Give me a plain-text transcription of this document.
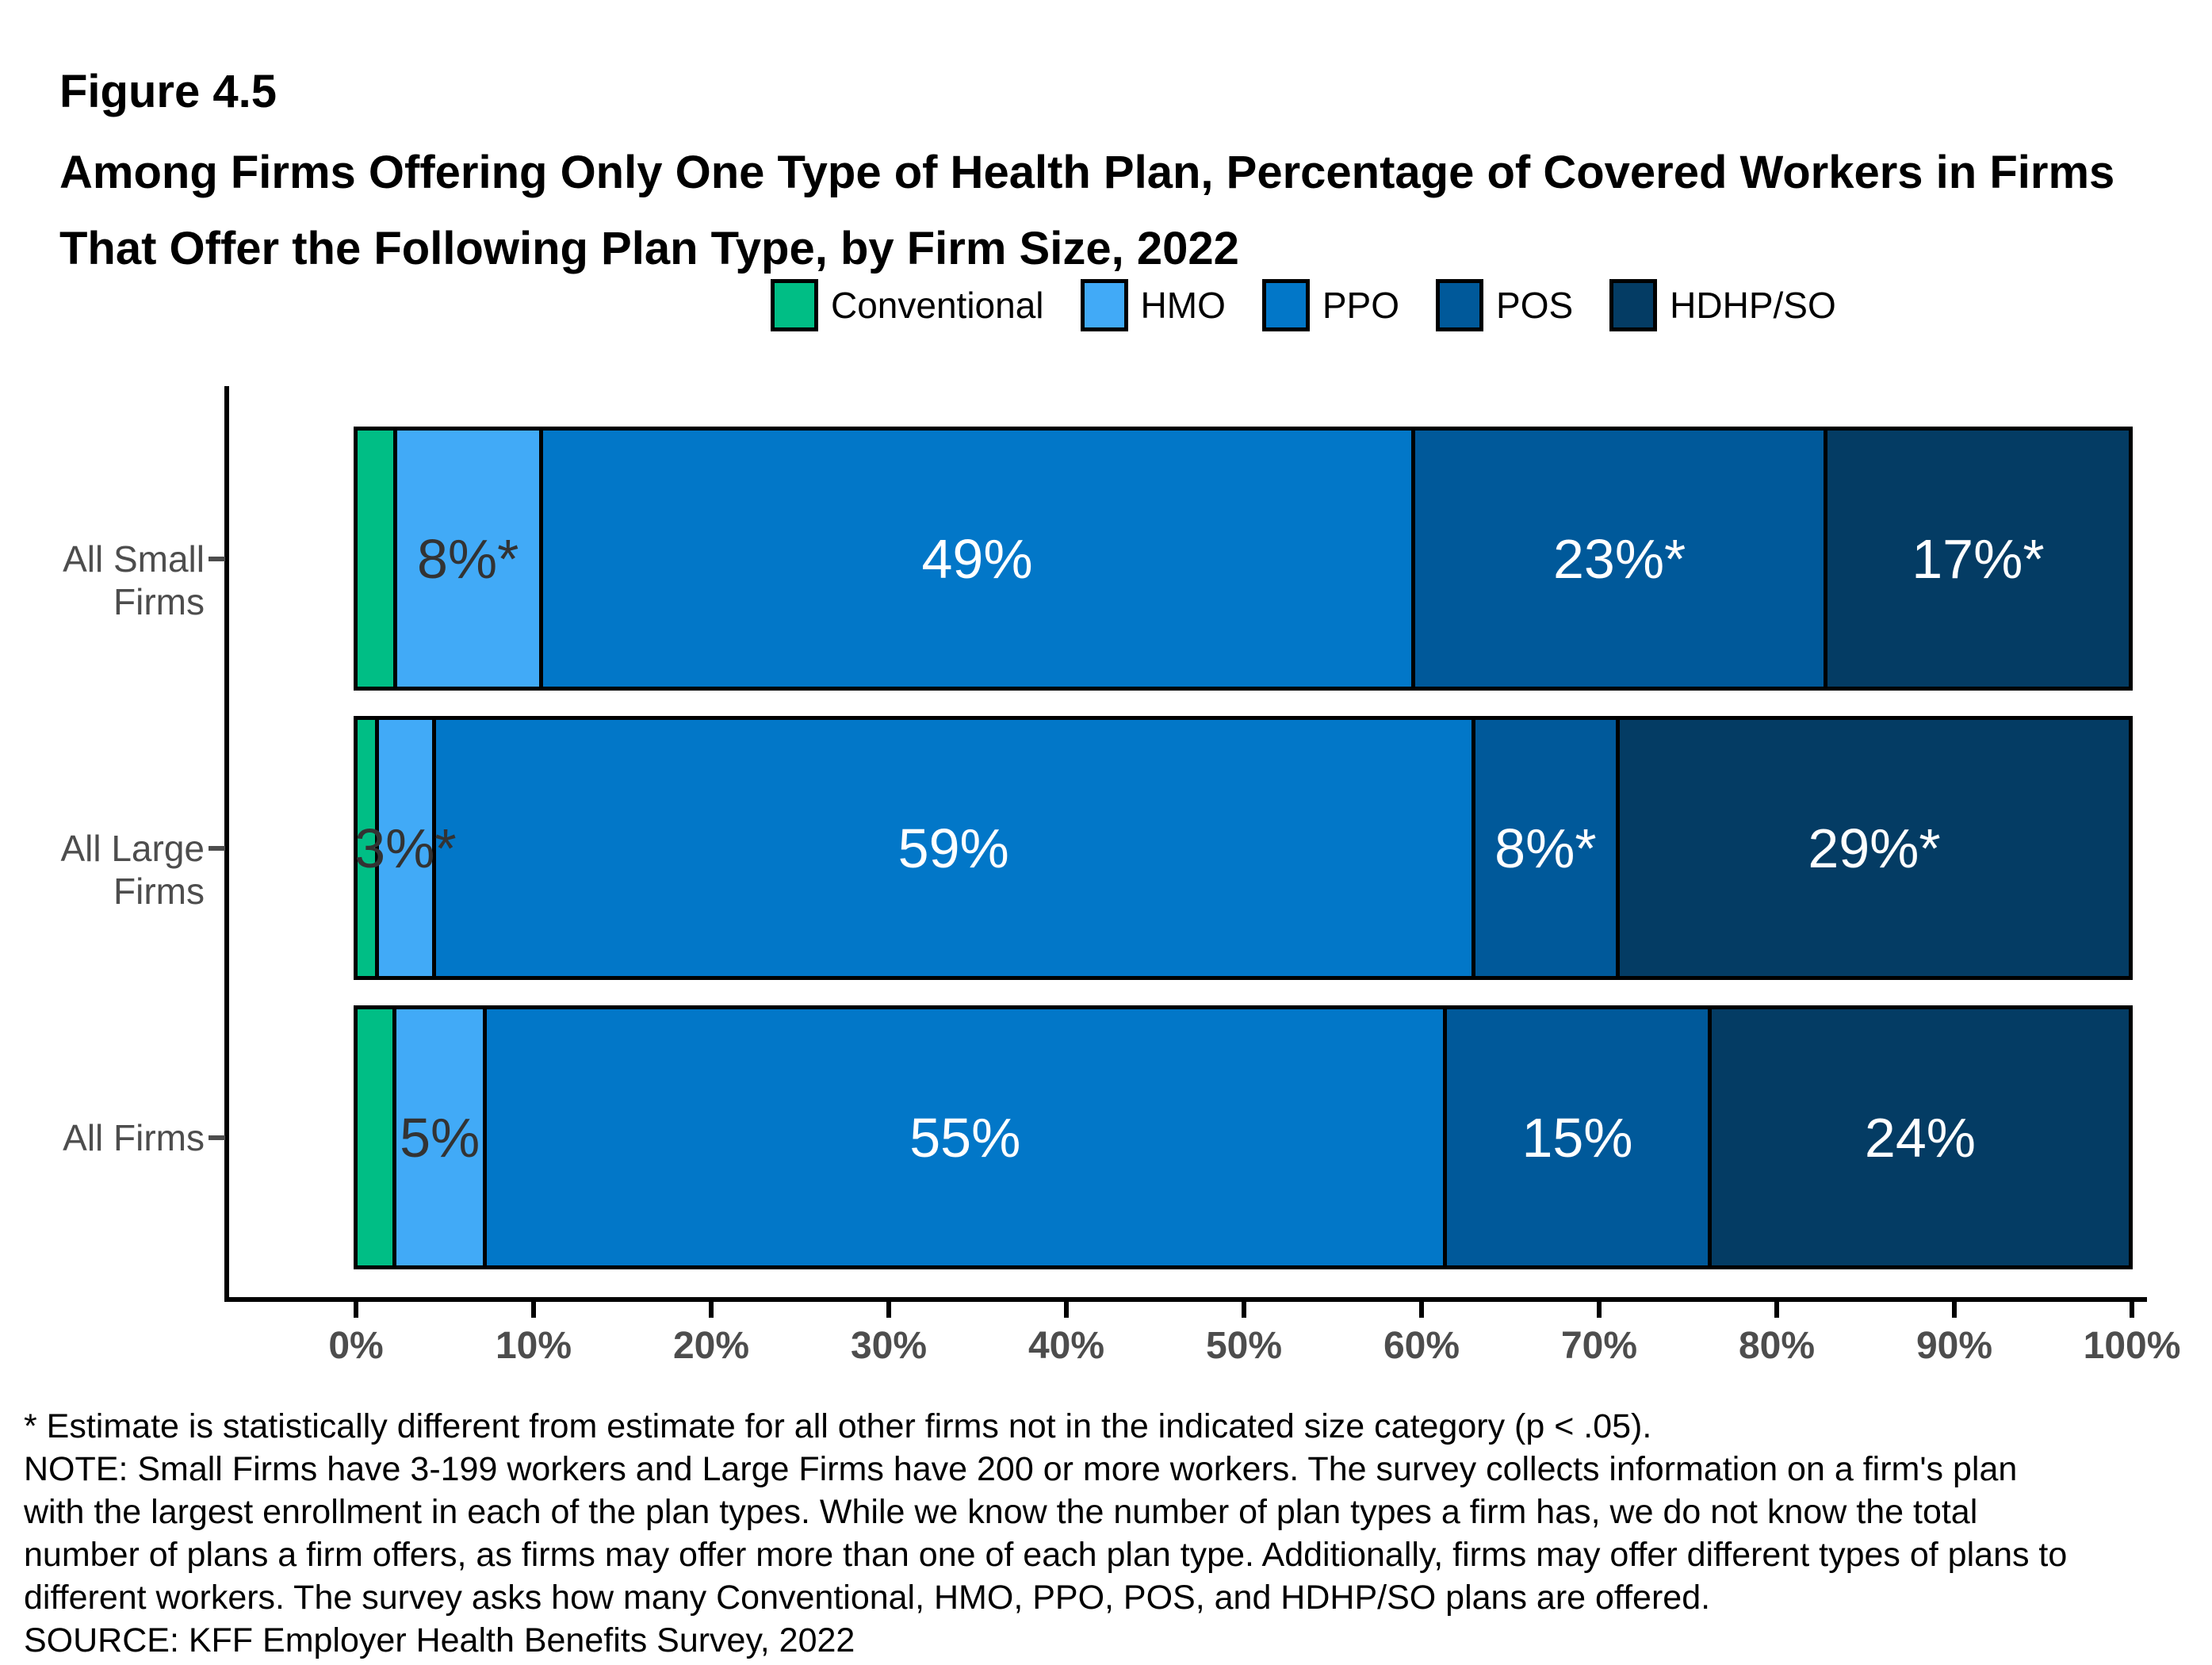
Figure 4.5
Among Firms Offering Only One Type of Health Plan, Percentage of Covered Workers in Firms
That Offer the Following Plan Type, by Firm Size, 2022
Conventional	HMO	PPO	POS	HDHP/SO
All Small Firms
All Large Firms
All Firms
8%*	49%	23%*	17%*
3%*	59%	8%*	29%*
5%	55%	15%	24%
0%	10%	20%	30%	40%	50%	60%	70%	80%	90% 100%
* Estimate is statistically different from estimate for all other firms not in the indicated size category (p < .05).
NOTE: Small Firms have 3-199 workers and Large Firms have 200 or more workers. The survey collects information on a firm's plan with the largest enrollment in each of the plan types. While we know the number of plan types a firm has, we do not know the total number of plans a firm offers, as firms may offer more than one of each plan type. Additionally, firms may offer different types of plans to different workers. The survey asks how many Conventional, HMO, PPO, POS, and HDHP/SO plans are offered.
SOURCE: KFF Employer Health Benefits Survey, 2022
